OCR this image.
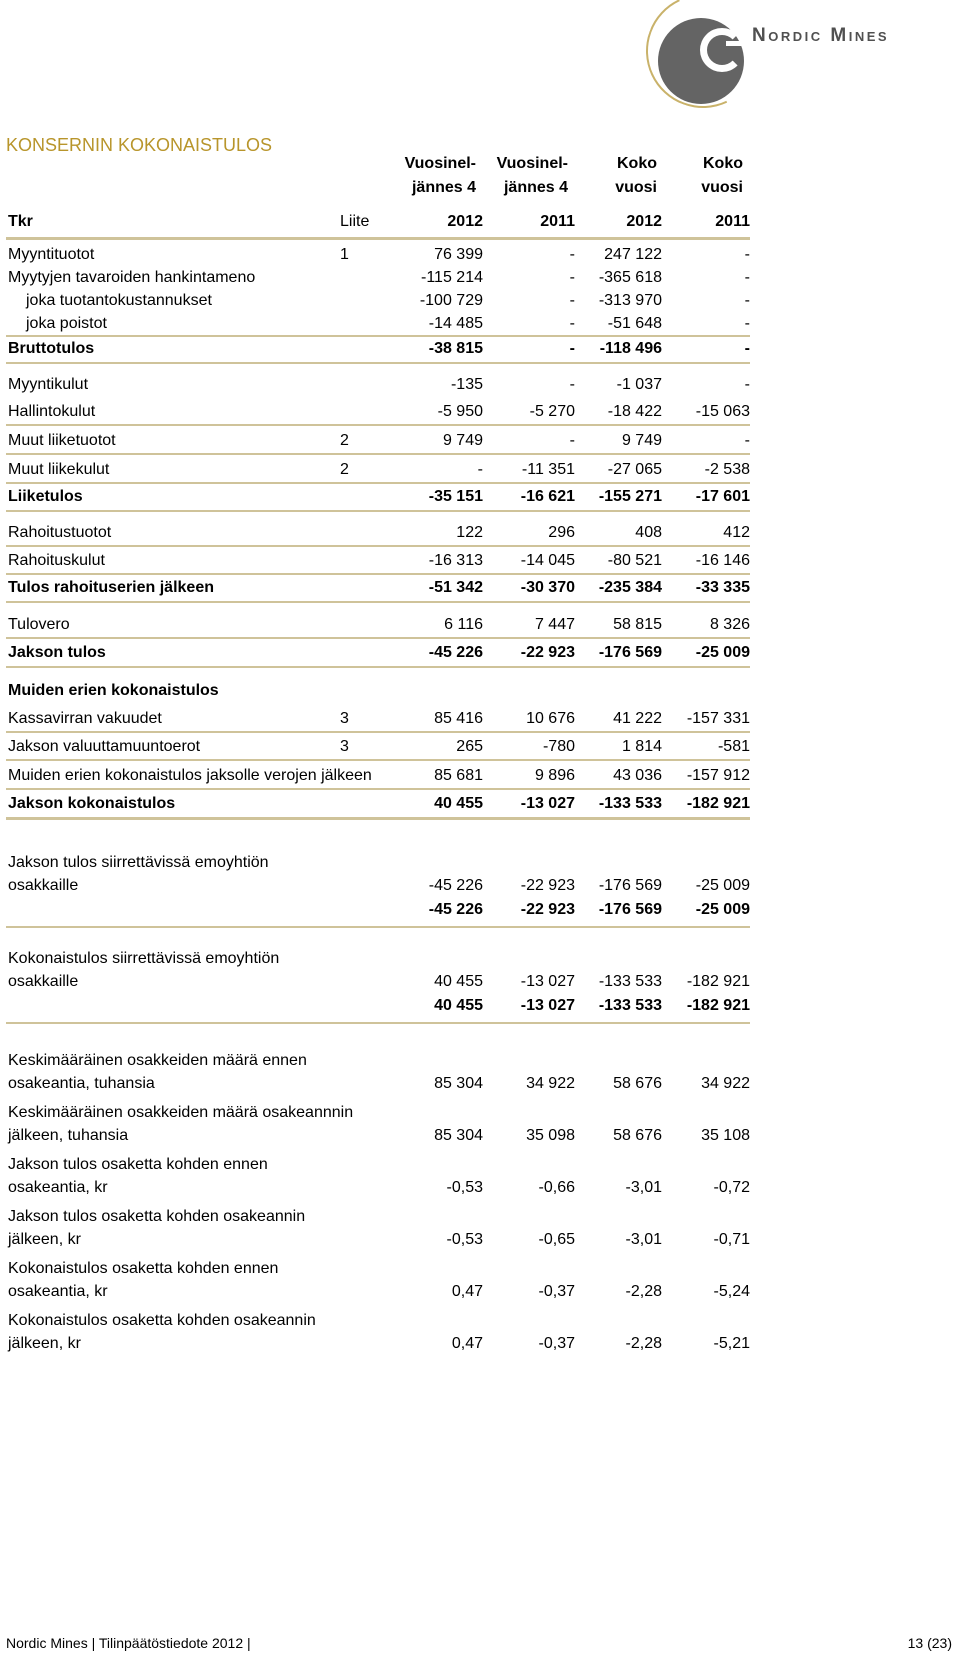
Nordic Mines
KONSERNIN KOKONAISTULOS
Vuosinel-
jännes 4
Vuosinel-
jännes 4
Koko
vuosi
Koko
vuosi
Tkr	Liite	2012	2011	2012	2011
Myyntituotot	1	76 399	-	247 122	-
Myytyjen tavaroiden hankintameno	-115 214	-	-365 618	-
joka tuotantokustannukset	-100 729	-	-313 970	-
joka poistot	-14 485	-	-51 648	-
Bruttotulos	-38 815	-	-118 496	-
Myyntikulut	-135	-	-1 037	-
Hallintokulut	-5 950	-5 270	-18 422	-15 063
Muut liiketuotot	2	9 749	-	9 749	-
Muut liikekulut	2	-	-11 351	-27 065	-2 538
Liiketulos	-35 151	-16 621	-155 271	-17 601
Rahoitustuotot	122	296	408	412
Rahoituskulut	-16 313	-14 045	-80 521	-16 146
Tulos rahoituserien jälkeen	-51 342	-30 370	-235 384	-33 335
Tulovero	6 116	7 447	58 815	8 326
Jakson tulos	-45 226	-22 923	-176 569	-25 009
Muiden erien kokonaistulos
Kassavirran vakuudet	3	85 416	10 676	41 222	-157 331
Jakson valuuttamuuntoerot	3	265	-780	1 814	-581
Muiden erien kokonaistulos jaksolle verojen jälkeen	85 681	9 896	43 036	-157 912
Jakson kokonaistulos	40 455	-13 027	-133 533	-182 921
Jakson tulos siirrettävissä emoyhtiön
osakkaille	-45 226	-22 923	-176 569	-25 009
-45 226	-22 923	-176 569	-25 009
Kokonaistulos siirrettävissä emoyhtiön
osakkaille	40 455	-13 027	-133 533	-182 921
40 455	-13 027	-133 533	-182 921
Keskimääräinen osakkeiden määrä ennen
osakeantia, tuhansia	85 304	34 922	58 676	34 922
Keskimääräinen osakkeiden määrä osakeannnin
jälkeen, tuhansia	85 304	35 098	58 676	35 108
Jakson tulos osaketta kohden ennen
osakeantia, kr	-0,53	-0,66	-3,01	-0,72
Jakson tulos osaketta kohden osakeannin
jälkeen, kr	-0,53	-0,65	-3,01	-0,71
Kokonaistulos osaketta kohden ennen
osakeantia, kr	0,47	-0,37	-2,28	-5,24
Kokonaistulos osaketta kohden osakeannin
jälkeen, kr	0,47	-0,37	-2,28	-5,21
Nordic Mines | Tilinpäätöstiedote 2012 |	13 (23)
